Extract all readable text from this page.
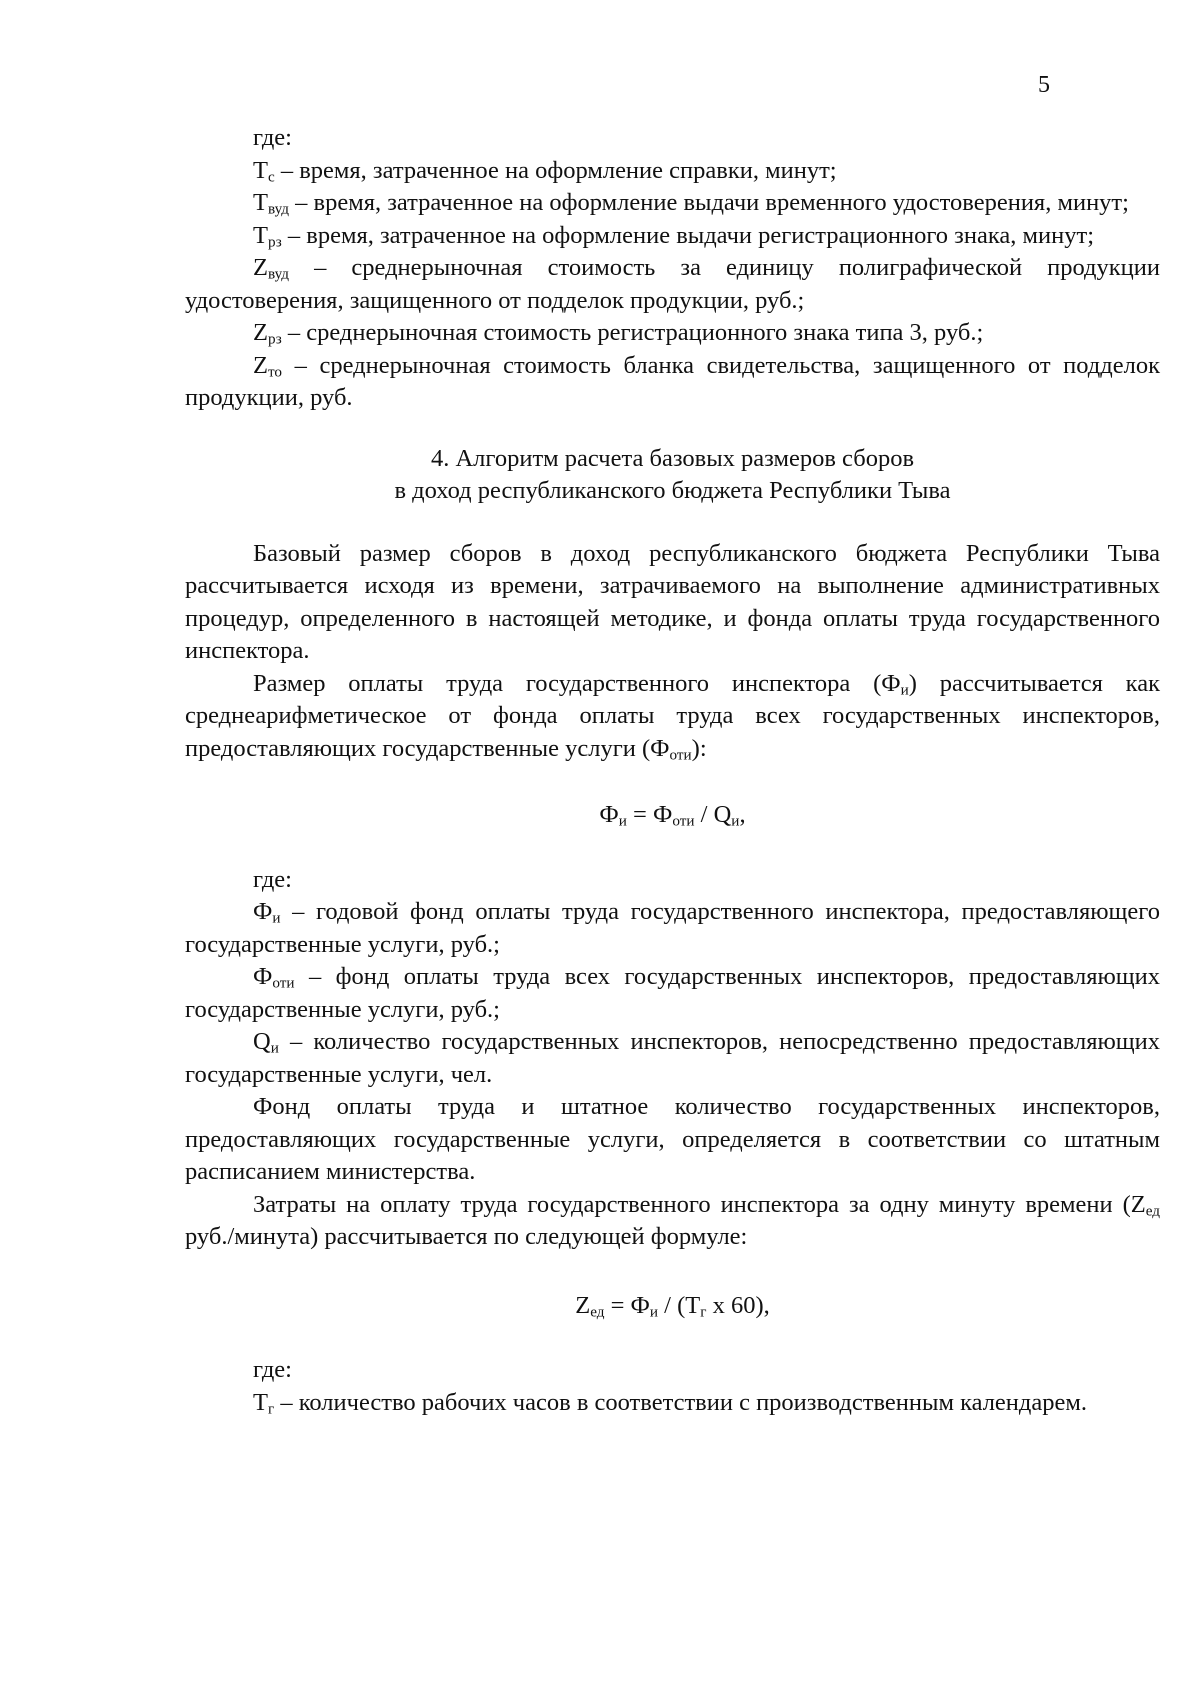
5

где:

$T_с$ – время, затраченное на оформление справки, минут;

$T_{вуд}$ – время, затраченное на оформление выдачи временного удостоверения, минут;

$T_{рз}$ – время, затраченное на оформление выдачи регистрационного знака, минут;

$Z_{вуд}$ – среднерыночная стоимость за единицу полиграфической продукции удостоверения, защищенного от подделок продукции, руб.;

$Z_{рз}$ – среднерыночная стоимость регистрационного знака типа 3, руб.;

$Z_{то}$ – среднерыночная стоимость бланка свидетельства, защищенного от подделок продукции, руб.

4. Алгоритм расчета базовых размеров сборов

в доход республиканского бюджета Республики Тыва

Базовый размер сборов в доход республиканского бюджета Республики Тыва рассчитывается исходя из времени, затрачиваемого на выполнение административных процедур, определенного в настоящей методике, и фонда оплаты труда государственного инспектора.

Размер оплаты труда государственного инспектора $(Ф_и)$ рассчитывается как среднеарифметическое от фонда оплаты труда всех государственных инспекторов, предоставляющих государственные услуги $(Ф_{оти})$:

$Ф_и = Ф_{оти} / Q_и$,

где:

$Ф_и$ – годовой фонд оплаты труда государственного инспектора, предоставляющего государственные услуги, руб.;

$Ф_{оти}$ – фонд оплаты труда всех государственных инспекторов, предоставляющих государственные услуги, руб.;

$Q_и$ – количество государственных инспекторов, непосредственно предоставляющих государственные услуги, чел.

Фонд оплаты труда и штатное количество государственных инспекторов, предоставляющих государственные услуги, определяется в соответствии со штатным расписанием министерства.

Затраты на оплату труда государственного инспектора за одну минуту времени ($Z_{ед}$ руб./минута) рассчитывается по следующей формуле:

$Z_{ед} = Ф_и / (T_г$ x 60),

где:

$T_г$ – количество рабочих часов в соответствии с производственным календарем.
